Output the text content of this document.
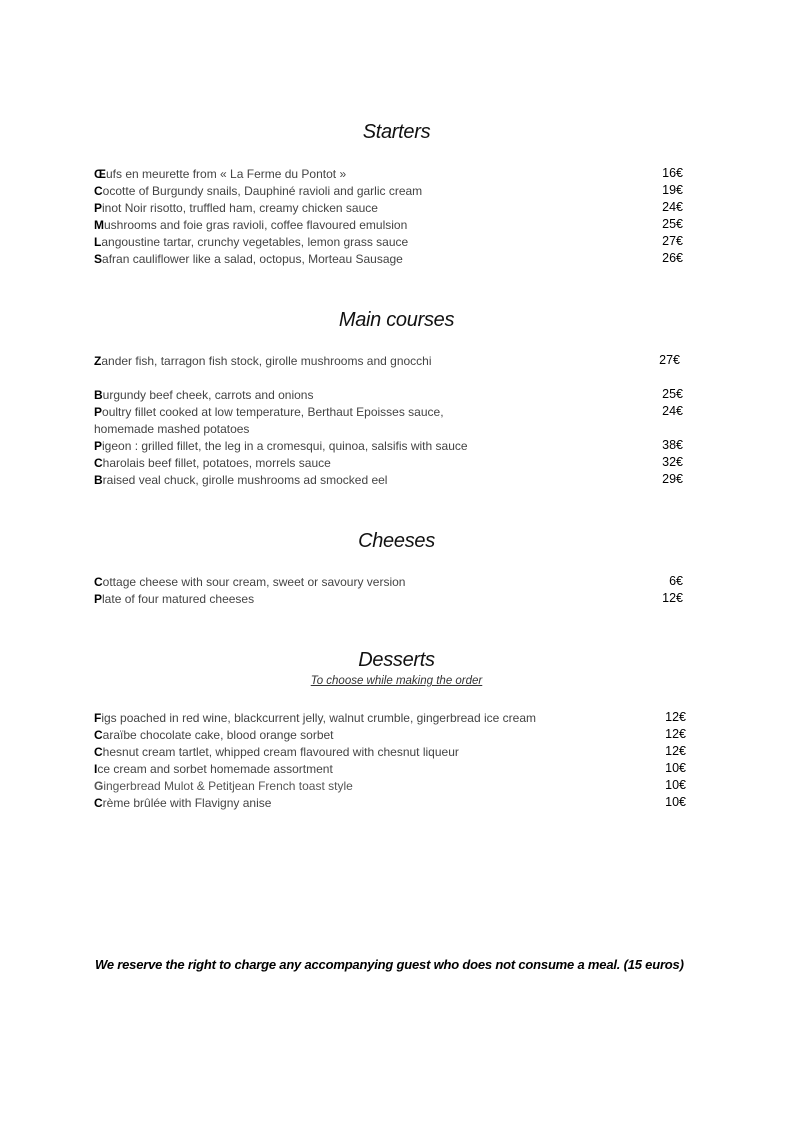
Starters
Œufs en meurette from « La Ferme du Pontot »	16€
Cocotte of Burgundy snails, Dauphiné ravioli and garlic cream	19€
Pinot Noir risotto, truffled ham, creamy chicken sauce	24€
Mushrooms and foie gras ravioli, coffee flavoured emulsion	25€
Langoustine tartar, crunchy vegetables, lemon grass sauce	27€
Safran cauliflower like a salad, octopus, Morteau Sausage	26€
Main courses
Zander fish, tarragon fish stock, girolle mushrooms and gnocchi	27€
Burgundy beef cheek, carrots and onions	25€
Poultry fillet cooked at low temperature, Berthaut Epoisses sauce,	24€
homemade mashed potatoes
Pigeon : grilled fillet, the leg in a cromesqui, quinoa, salsifis with sauce	38€
Charolais beef fillet, potatoes, morrels sauce	32€
Braised veal chuck, girolle mushrooms ad smocked eel	29€
Cheeses
Cottage cheese with sour cream, sweet or savoury version	6€
Plate of four matured cheeses	12€
Desserts
To choose while making the order
Figs poached in red wine, blackcurrent jelly, walnut crumble, gingerbread ice cream	12€
Caraïbe chocolate cake, blood orange sorbet	12€
Chesnut cream tartlet, whipped cream flavoured with chesnut liqueur	12€
Ice cream and sorbet homemade assortment	10€
Gingerbread Mulot & Petitjean French toast style	10€
Crème brûlée with Flavigny anise	10€
We reserve the right to charge any accompanying guest who does not consume a meal. (15 euros)
